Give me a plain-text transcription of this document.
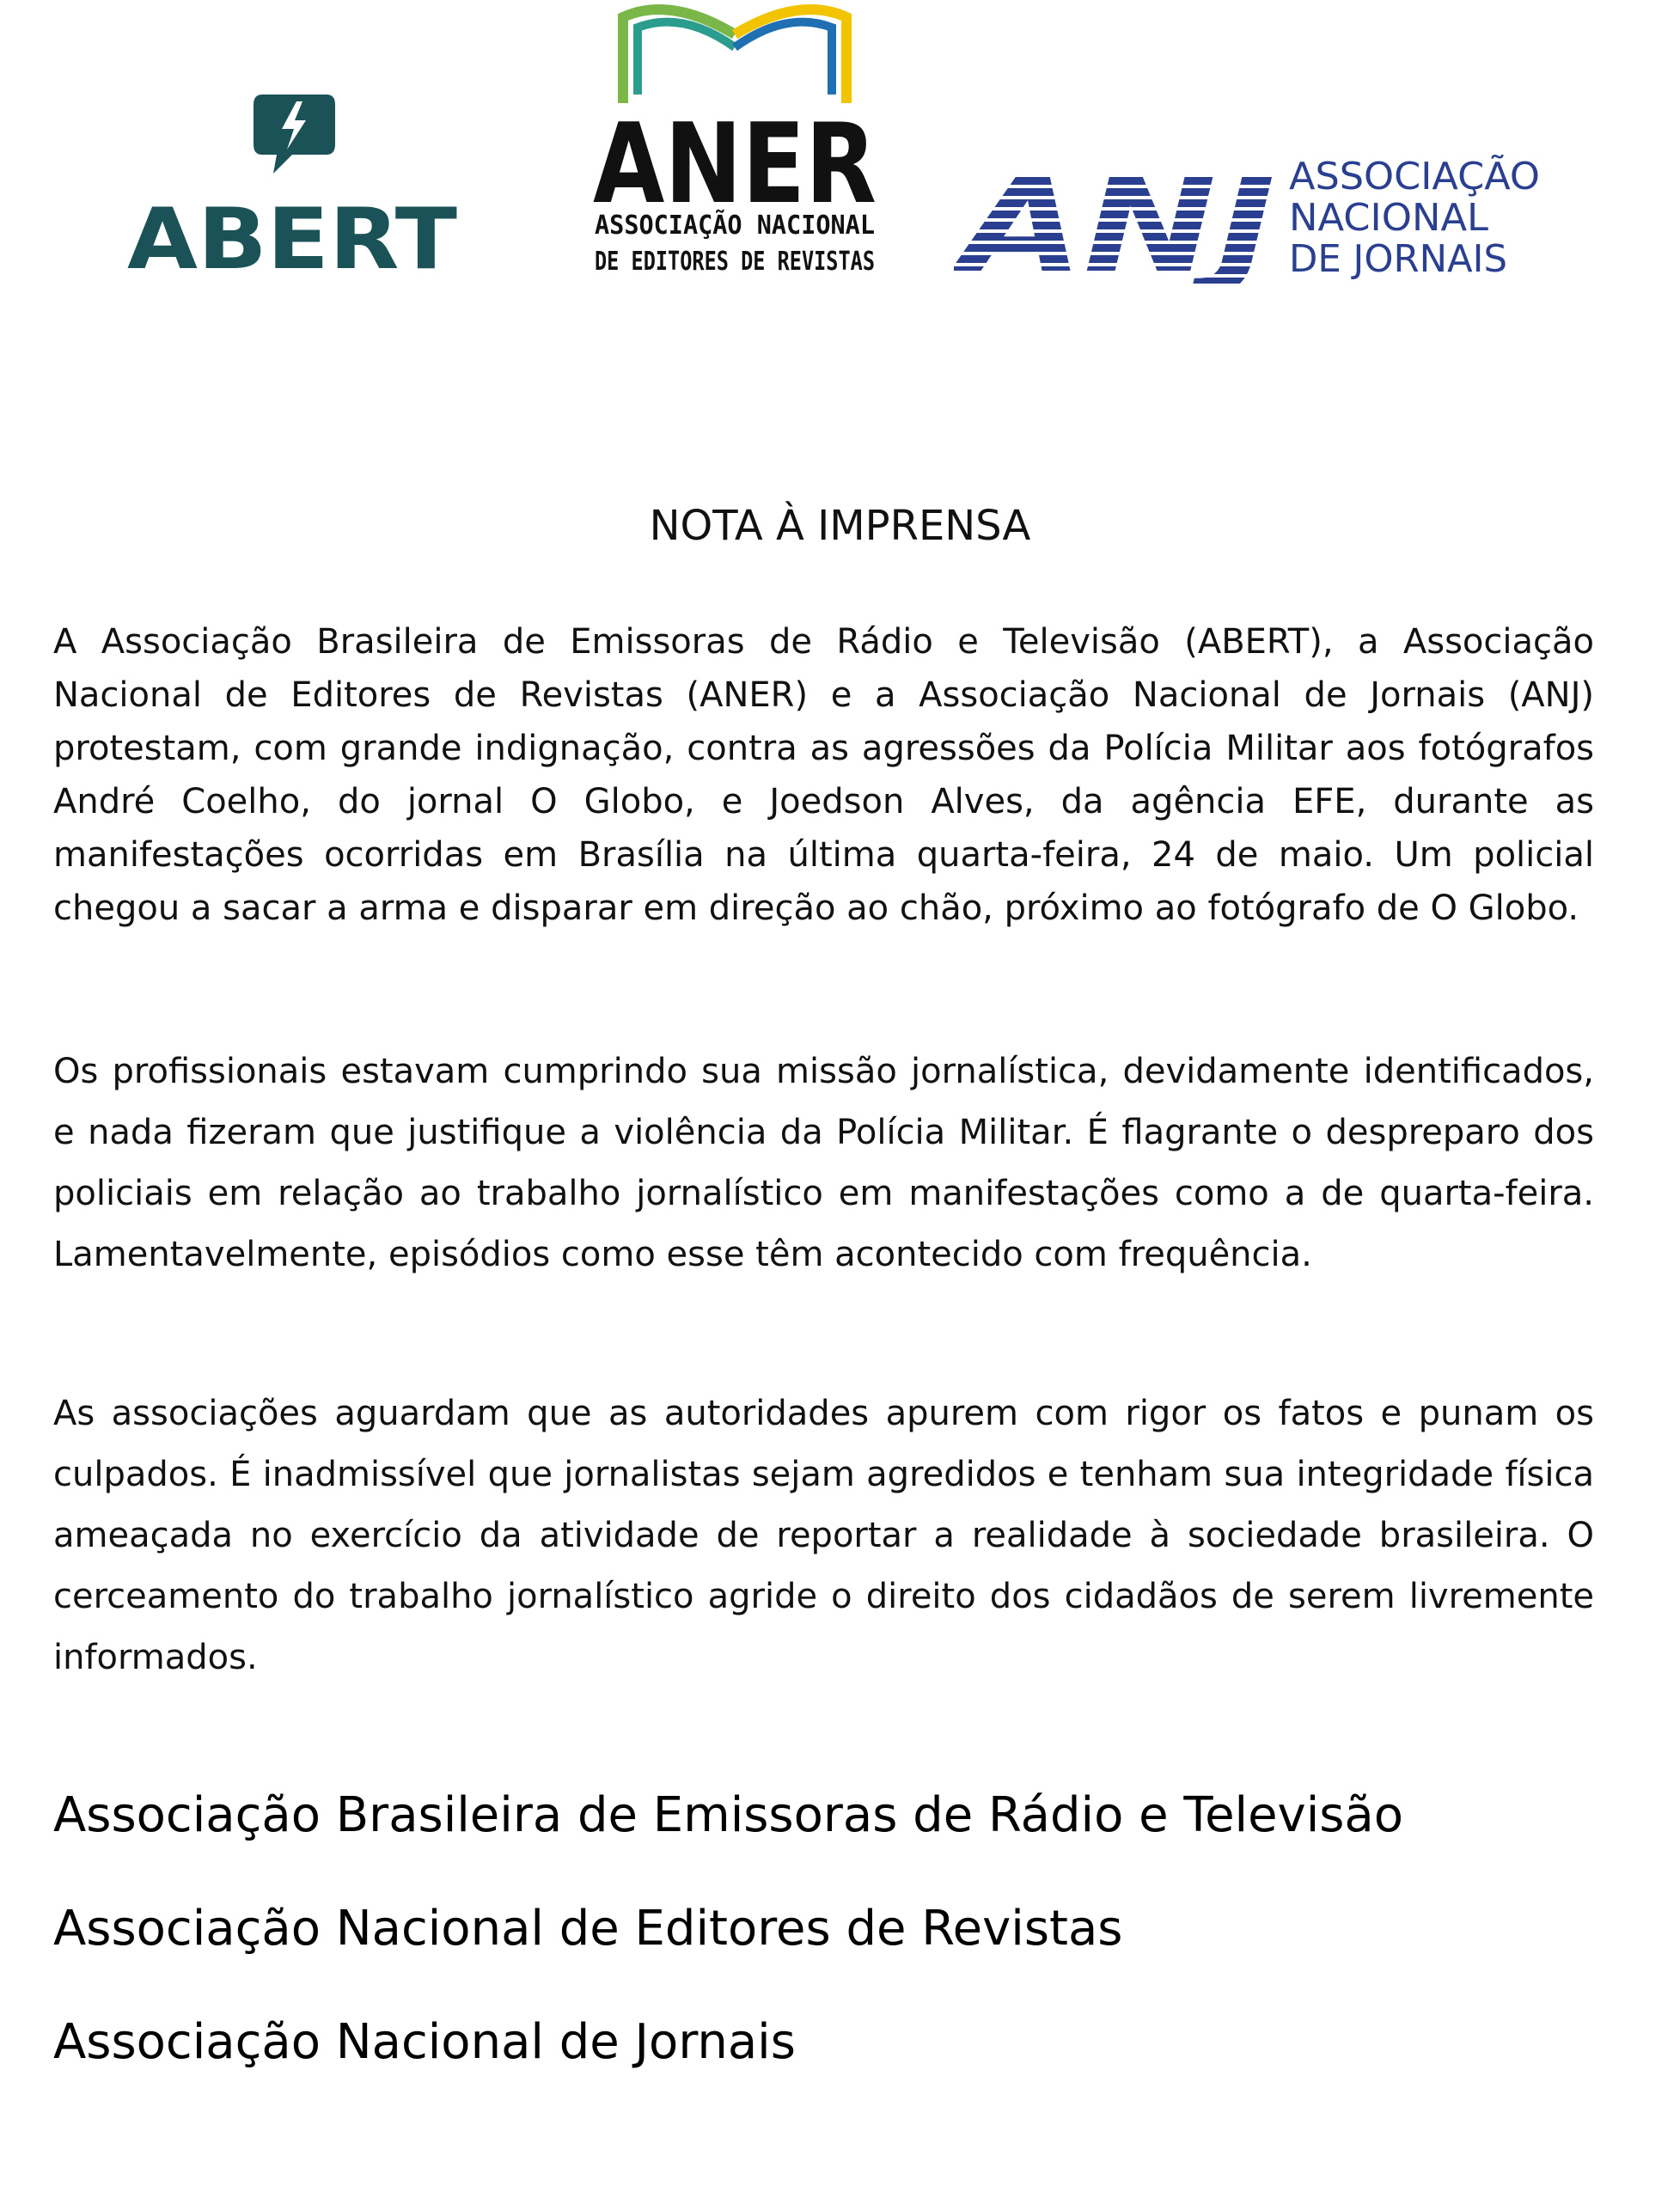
ABERT
ANER
ASSOCIAÇÃO NACIONAL
DE EDITORES DE REVISTAS ANJ ASSOCIAÇÃO
NACIONAL
DE JORNAIS
NOTA À IMPRENSA

A Associação Brasileira de Emissoras de Rádio e Televisão (ABERT), a Associação Nacional de Editores de Revistas (ANER) e a Associação Nacional de Jornais (ANJ) protestam, com grande indignação, contra as agressões da Polícia Militar aos fotógrafos André Coelho, do jornal O Globo, e Joedson Alves, da agência EFE, durante as manifestações ocorridas em Brasília na última quarta-feira, 24 de maio. Um policial chegou a sacar a arma e disparar em direção ao chão, próximo ao fotógrafo de O Globo.

Os profissionais estavam cumprindo sua missão jornalística, devidamente identificados, e nada fizeram que justifique a violência da Polícia Militar. É flagrante o despreparo dos policiais em relação ao trabalho jornalístico em manifestações como a de quarta-feira. Lamentavelmente, episódios como esse têm acontecido com frequência.

As associações aguardam que as autoridades apurem com rigor os fatos e punam os culpados. É inadmissível que jornalistas sejam agredidos e tenham sua integridade física ameaçada no exercício da atividade de reportar a realidade à sociedade brasileira. O cerceamento do trabalho jornalístico agride o direito dos cidadãos de serem livremente informados.

Associação Brasileira de Emissoras de Rádio e Televisão
Associação Nacional de Editores de Revistas
Associação Nacional de Jornais
